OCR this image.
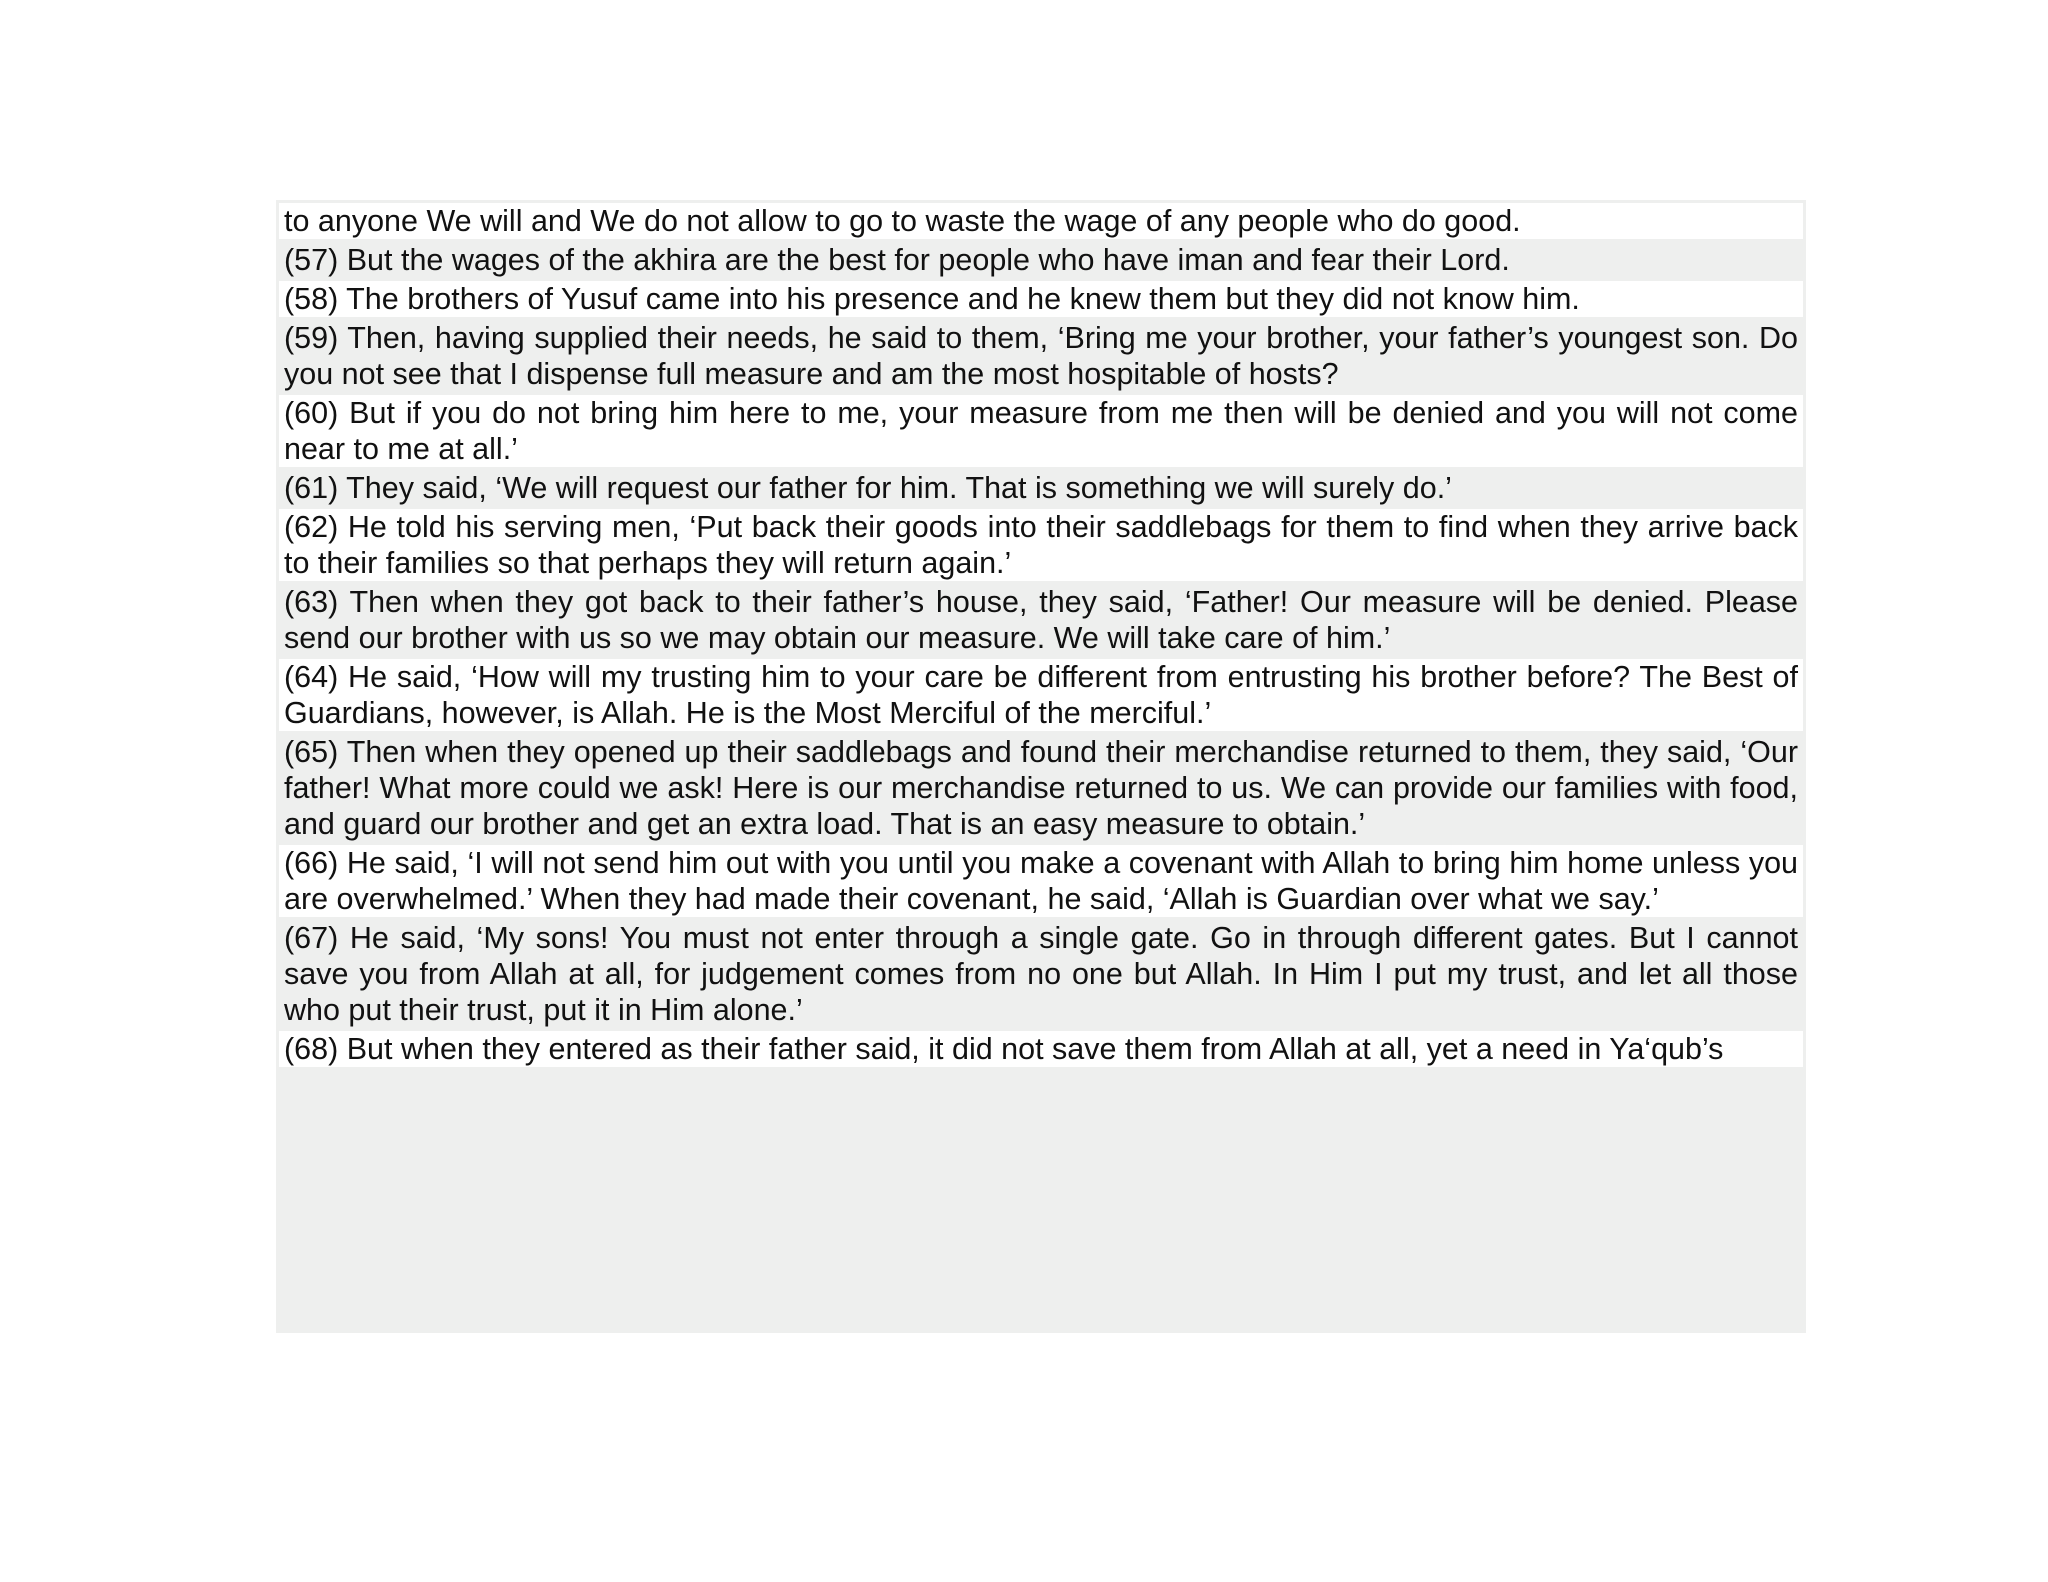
to anyone We will and We do not allow to go to waste the wage of any people who do good.
(57) But the wages of the akhira are the best for people who have iman and fear their Lord.
(58) The brothers of Yusuf came into his presence and he knew them but they did not know him.
(59) Then, having supplied their needs, he said to them, ‘Bring me your brother, your father’s youngest son. Do you not see that I dispense full measure and am the most hospitable of hosts?
(60) But if you do not bring him here to me, your measure from me then will be denied and you will not come near to me at all.’
(61) They said, ‘We will request our father for him. That is something we will surely do.’
(62) He told his serving men, ‘Put back their goods into their saddlebags for them to find when they arrive back to their families so that perhaps they will return again.’
(63) Then when they got back to their father’s house, they said, ‘Father! Our measure will be denied. Please send our brother with us so we may obtain our measure. We will take care of him.’
(64) He said, ‘How will my trusting him to your care be different from entrusting his brother before? The Best of Guardians, however, is Allah. He is the Most Merciful of the merciful.’
(65) Then when they opened up their saddlebags and found their merchandise returned to them, they said, ‘Our father! What more could we ask! Here is our merchandise returned to us. We can provide our families with food, and guard our brother and get an extra load. That is an easy measure to obtain.’
(66) He said, ‘I will not send him out with you until you make a covenant with Allah to bring him home unless you are overwhelmed.’ When they had made their covenant, he said, ‘Allah is Guardian over what we say.’
(67) He said, ‘My sons! You must not enter through a single gate. Go in through different gates. But I cannot save you from Allah at all, for judgement comes from no one but Allah. In Him I put my trust, and let all those who put their trust, put it in Him alone.’
(68) But when they entered as their father said, it did not save them from Allah at all, yet a need in Ya‘qub’s
